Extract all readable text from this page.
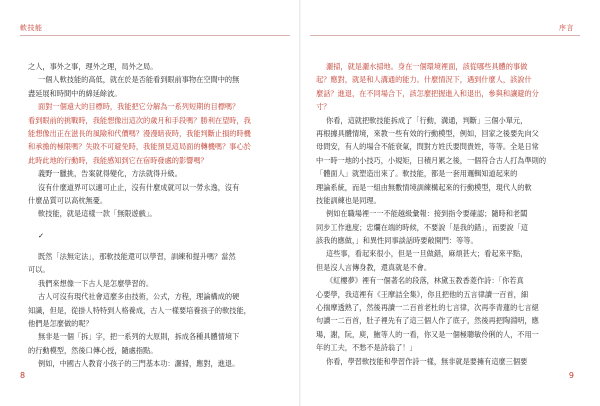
軟技能
之人，事外之事，理外之理，局外之局。
一個人軟技能的高低，就在於是否能看到眼前事物在空間中的無
盡延展和時間中的綿延餘波。
面對一個遠大的目標時，我能把它分解為一系列短期的目標嗎？
看到眼前的挑戰時，我能想像出這次的歲月和手段嗎？勝利在望時，我
能想像出正在滋長的風險和代價嗎？漫漫暗夜時，我能判斷止損的時機
和承擔的極限嗎？失敗不可避免時，我能預見這局面的轉機嗎？事心於
此時此地的行動時，我能感知到它在宿時發處的影響嗎？
義野一臘挑，告案就得變化，方法就得升級。
沒有什麼道界可以適可止止，沒有什麼成就可以一勞永逸，沒有
什麼品質可以高枕無憂。
軟技能，就是這樣一款「無限遊戲」。
✓
既然「法無定法」，那軟技能還可以學習，訓練和提升嗎？當然
可以。
我們來想像一下古人是怎麼學習的。
古人可沒有現代社會這麼多由技術，公式，方程，理論構成的硬
知識，但是，從掛人特特到人格養成，古人一樣要培養孩子的軟技能，
他們是怎麼做的呢？
無非是一個「拆」字，把一系列的大原則，拆成各種具體情境下
的行動模型，然後口傳心授，隨處指點。
例如，中國古人教育小孩子的三門基本功：灑掃，應對，進退。
8
序言
灑掃，就是灑水掃地。身在一個環境裡面，該從哪些具體的事做
起？應對，就是和人溝通的能力。什麼情況下，遇到什麼人，該說什
麼話？進退，在不同場合下，該怎麼把握進入和退出，參與和讓避的分
寸？
你看，這就把軟技能拆成了「行動，溝通，判斷」三個小單元，
再根據具體情境，來教一些有效的行動模型，例如，回家之後要先向父
母問安，有人的場合不能衰氣，問對方姓氏要問貴姓，等等。全是日常
中一時一地的小技巧，小規矩，日積月累之後，一個符合古人打為準則的
「體面人」就塑造出來了。軟技能，都是一套用邏輯知道起來的
理論系統，而是一組由無數情境訓練構起來的行動模型，現代人的軟
技能訓練也是同理。
例如在職場裡一一不能越級彙報：接到指令要確認；隨時和老闆
同步工作進度；忠爛在端的時候，不要說「是我的錯」，而要說「這
該我的應做，」和異性同事談話時要敞開門：等等。
這些事，看起來很小，但是一旦做錯，麻煩甚大；看起來平點，
但是沒人言傳身教，還真就是不會。
《紅樓夢》裡有一個著名的段落，林黛玉教香菱作詩：「你若真
心要學，我這裡有《王摩詰全集》，你且把他的五言律讀一百首，細
心揣摩透熟了，然後再讀一二百首老杜的七言律，次再李青蓮的七言絕
句讀一二百首，肚子裡先有了這三個人作了底子，然後再把陶淵明，應
瑒，謝，阮，庾，鮑等人的一看，你又是一個極聰敏伶俐的人，不用一
年的工夫，不愁不是詩翁了！」
你看，學習軟技能和學習作詩一樣，無非就是要擁有這麼三個要
9
